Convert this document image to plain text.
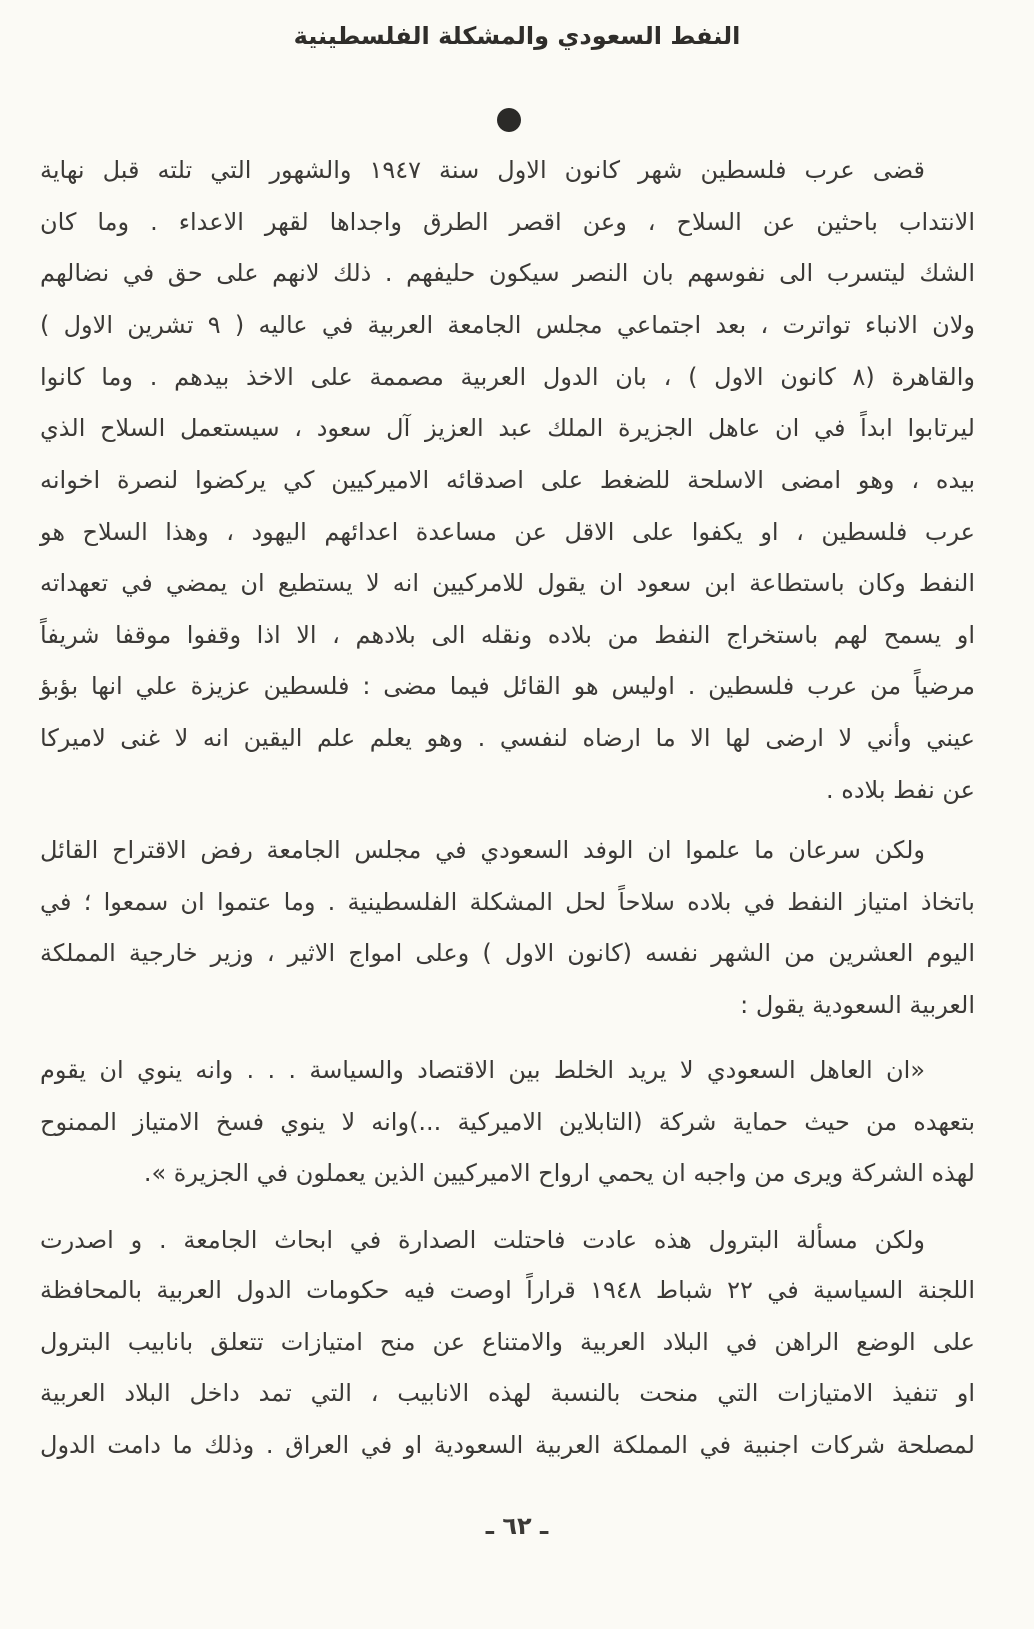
النفط السعودي والمشكلة الفلسطينية
قضى عرب فلسطين شهر كانون الاول سنة ١٩٤٧ والشهور التي تلته قبل نهاية
الانتداب باحثين عن السلاح ، وعن اقصر الطرق واجداها لقهر الاعداء . وما كان
الشك ليتسرب الى نفوسهم بان النصر سيكون حليفهم . ذلك لانهم على حق في نضالهم
ولان الانباء تواترت ، بعد اجتماعي مجلس الجامعة العربية في عاليه ( ٩ تشرين الاول )
والقاهرة (٨ كانون الاول ) ، بان الدول العربية مصممة على الاخذ بيدهم . وما كانوا
ليرتابوا ابداً في ان عاهل الجزيرة الملك عبد العزيز آل سعود ، سيستعمل السلاح الذي
بيده ، وهو امضى الاسلحة للضغط على اصدقائه الاميركيين كي يركضوا لنصرة اخوانه
عرب فلسطين ، او يكفوا على الاقل عن مساعدة اعدائهم اليهود ، وهذا السلاح هو
النفط وكان باستطاعة ابن سعود ان يقول للامركيين انه لا يستطيع ان يمضي في تعهداته
او يسمح لهم باستخراج النفط من بلاده ونقله الى بلادهم ، الا اذا وقفوا موقفا شريفاً
مرضياً من عرب فلسطين . اوليس هو القائل فيما مضى : فلسطين عزيزة علي انها بؤبؤ
عيني وأني لا ارضى لها الا ما ارضاه لنفسي . وهو يعلم علم اليقين انه لا غنى لاميركا
عن نفط بلاده .
ولكن سرعان ما علموا ان الوفد السعودي في مجلس الجامعة رفض الاقتراح القائل
باتخاذ امتياز النفط في بلاده سلاحاً لحل المشكلة الفلسطينية . وما عتموا ان سمعوا ؛ في
اليوم العشرين من الشهر نفسه (كانون الاول ) وعلى امواج الاثير ، وزير خارجية المملكة
العربية السعودية يقول :
«ان العاهل السعودي لا يريد الخلط بين الاقتصاد والسياسة . . . وانه ينوي ان يقوم
بتعهده من حيث حماية شركة (التابلاين الاميركية ...)وانه لا ينوي فسخ الامتياز الممنوح
لهذه الشركة ويرى من واجبه ان يحمي ارواح الاميركيين الذين يعملون في الجزيرة ».
ولكن مسألة البترول هذه عادت فاحتلت الصدارة في ابحاث الجامعة . و اصدرت
اللجنة السياسية في ٢٢ شباط ١٩٤٨ قراراً اوصت فيه حكومات الدول العربية بالمحافظة
على الوضع الراهن في البلاد العربية والامتناع عن منح امتيازات تتعلق بانابيب البترول
او تنفيذ الامتيازات التي منحت بالنسبة لهذه الانابيب ، التي تمد داخل البلاد العربية
لمصلحة شركات اجنبية في المملكة العربية السعودية او في العراق . وذلك ما دامت الدول
ـ ٦٢ ـ
